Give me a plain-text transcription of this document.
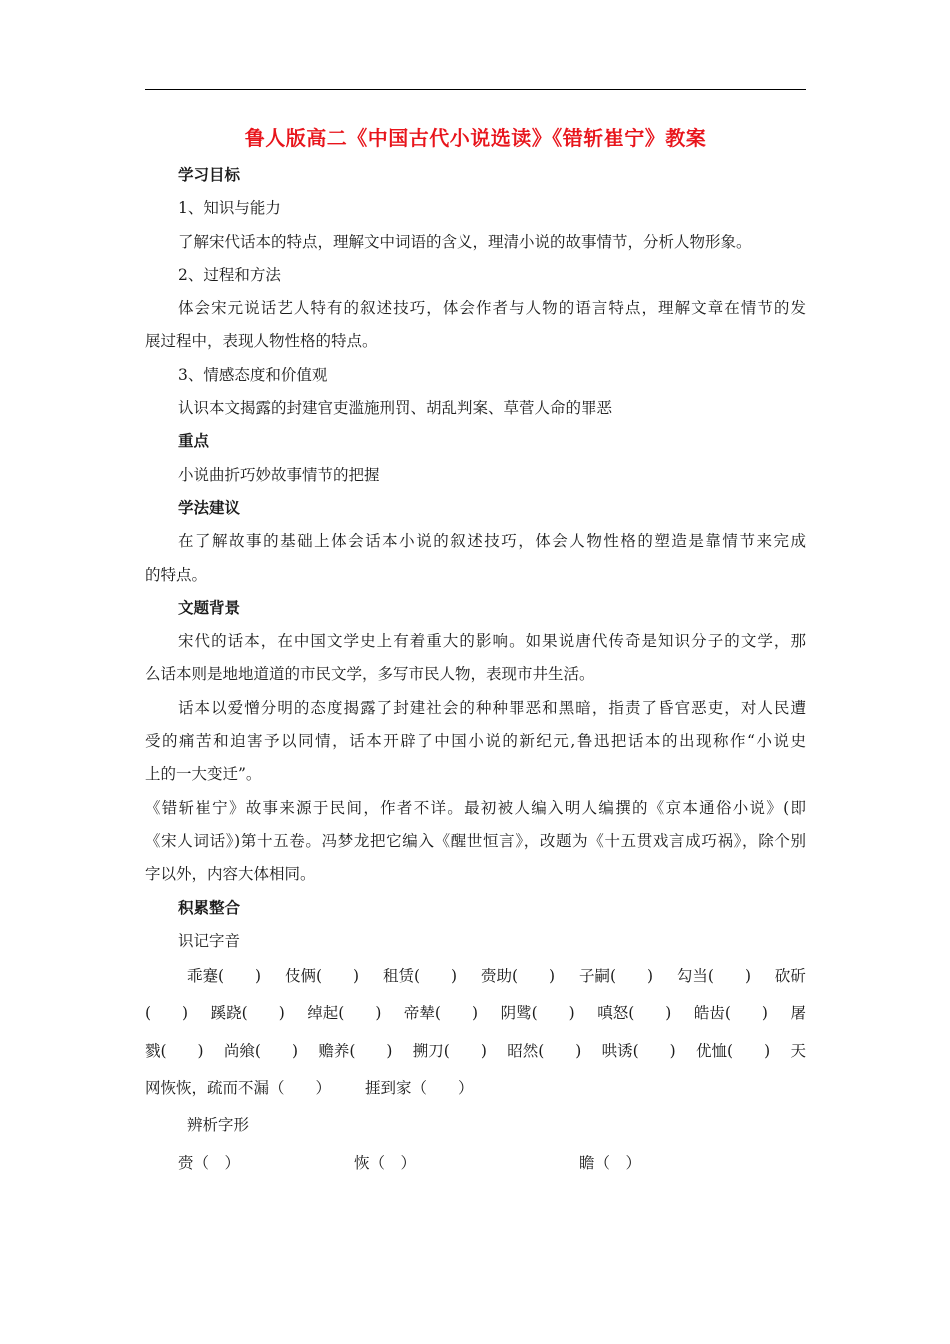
鲁人版高二《中国古代小说选读》《错斩崔宁》教案
学习目标
1、知识与能力
了解宋代话本的特点，理解文中词语的含义，理清小说的故事情节，分析人物形象。
2、过程和方法
体会宋元说话艺人特有的叙述技巧，体会作者与人物的语言特点，理解文章在情节的发
展过程中，表现人物性格的特点。
3、情感态度和价值观
认识本文揭露的封建官吏滥施刑罚、胡乱判案、草菅人命的罪恶
重点
小说曲折巧妙故事情节的把握
学法建议
在了解故事的基础上体会话本小说的叙述技巧，体会人物性格的塑造是靠情节来完成
的特点。
文题背景
宋代的话本，在中国文学史上有着重大的影响。如果说唐代传奇是知识分子的文学，那
么话本则是地地道道的市民文学，多写市民人物，表现市井生活。
话本以爱憎分明的态度揭露了封建社会的种种罪恶和黑暗，指责了昏官恶吏，对人民遭
受的痛苦和迫害予以同情，话本开辟了中国小说的新纪元,鲁迅把话本的出现称作“小说史
上的一大变迁”。
《错斩崔宁》故事来源于民间，作者不详。最初被人编入明人编撰的《京本通俗小说》(即
《宋人词话》)第十五卷。冯梦龙把它编入《醒世恒言》，改题为《十五贯戏言成巧祸》，除个别
字以外，内容大体相同。
积累整合
识记字音
乖蹇(　　) 伎俩(　　) 租赁(　　) 赍助(　　) 子嗣(　　) 勾当(　　) 砍斫
(　　) 蹊跷(　　) 绰起(　　) 帝辇(　　) 阴骘(　　) 嗔怒(　　) 皓齿(　　) 屠
戮(　　) 尚飨(　　) 赡养(　　) 搠刀(　　) 昭然(　　) 哄诱(　　) 优恤(　　) 天
网恢恢，疏而不漏（　　） 捱到家（　　）
辨析字形
赍（　）	恢（　）	瞻（　）
